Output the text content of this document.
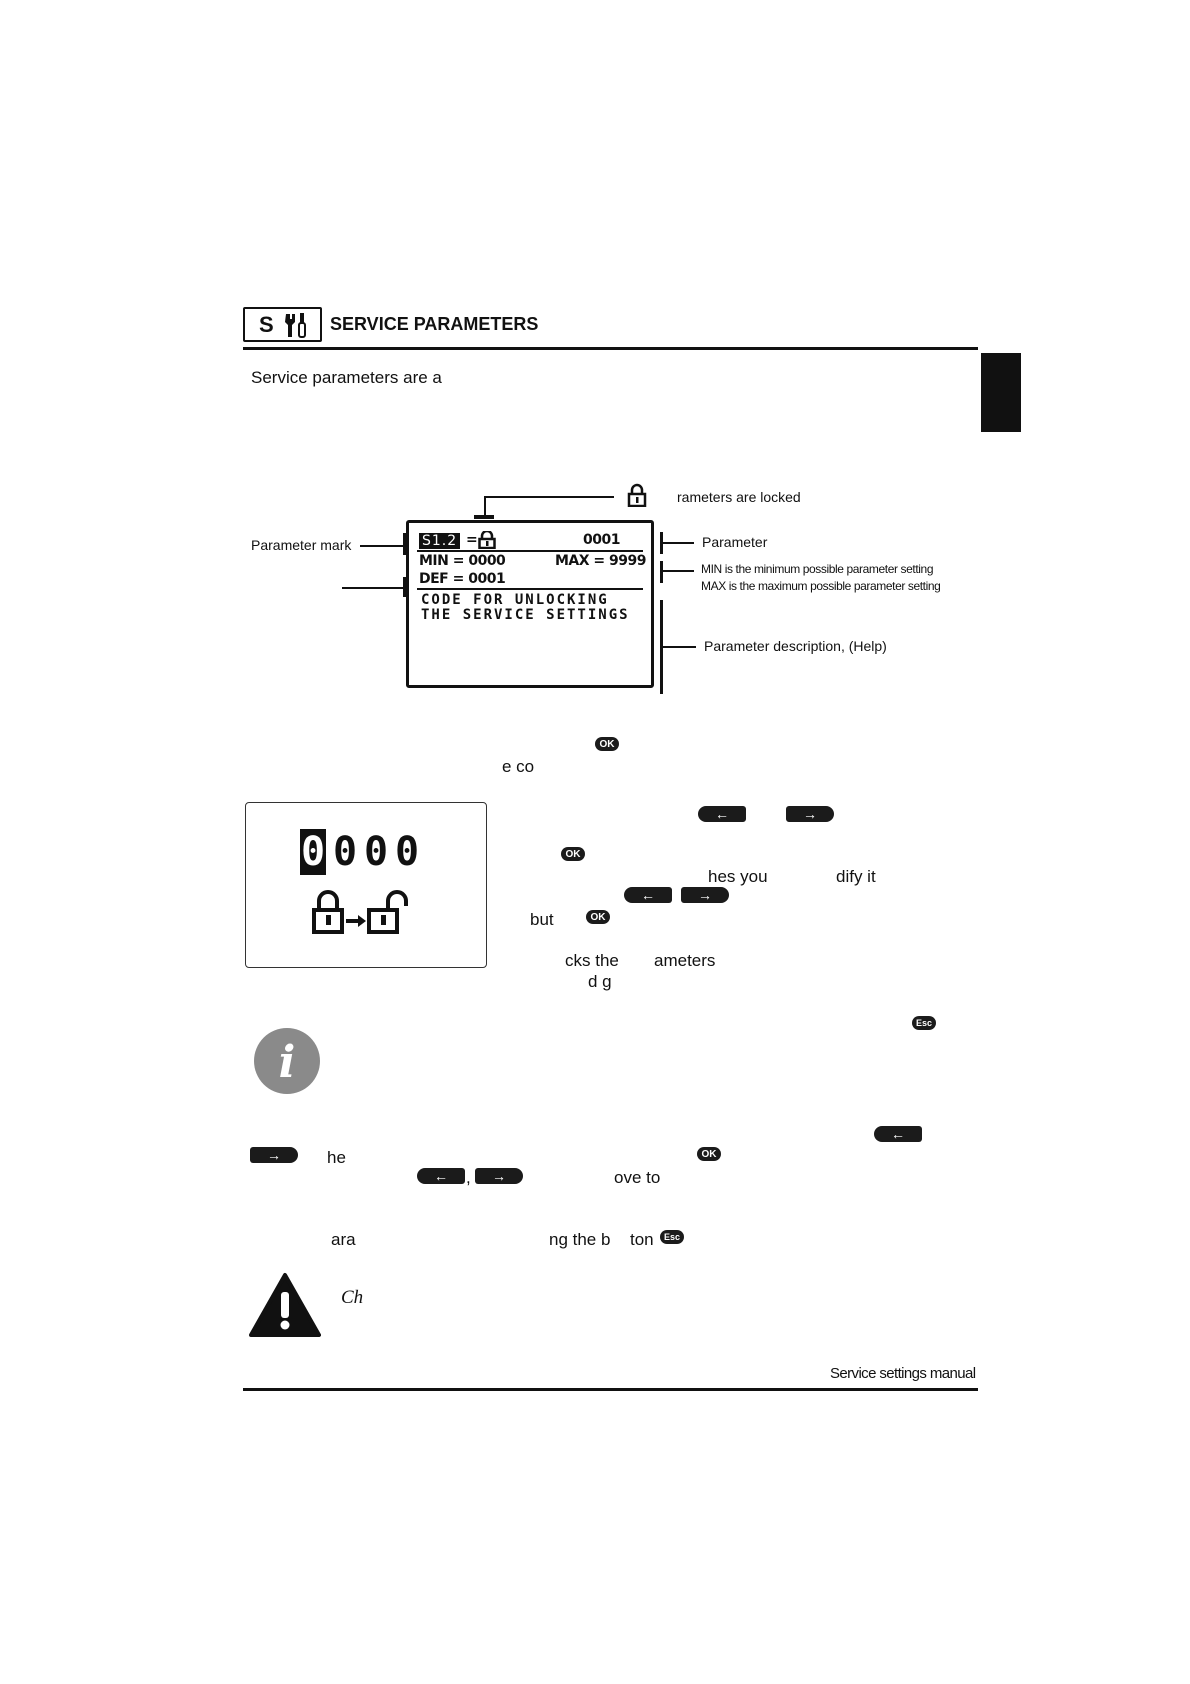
S	SERVICE PARAMETERS
Service parameters are a
rameters are locked
Parameter mark	Parameter
MIN is the minimum possible parameter setting
MAX is the maximum possible parameter setting
Parameter description, (Help)
S1.2 =	0001
MIN = 0000	MAX = 9999
DEF = 0001
CODE FOR UNLOCKING
THE SERVICE SETTINGS
OK
e co
0 0 0 0
←	→
OK
hes you	dify it
←	→
but	OK
cks the ameters
d g
Esc
i
←
→	he	OK
←	,	→	ove to
ara	ng the b ton	Esc
Ch
Service settings manual
